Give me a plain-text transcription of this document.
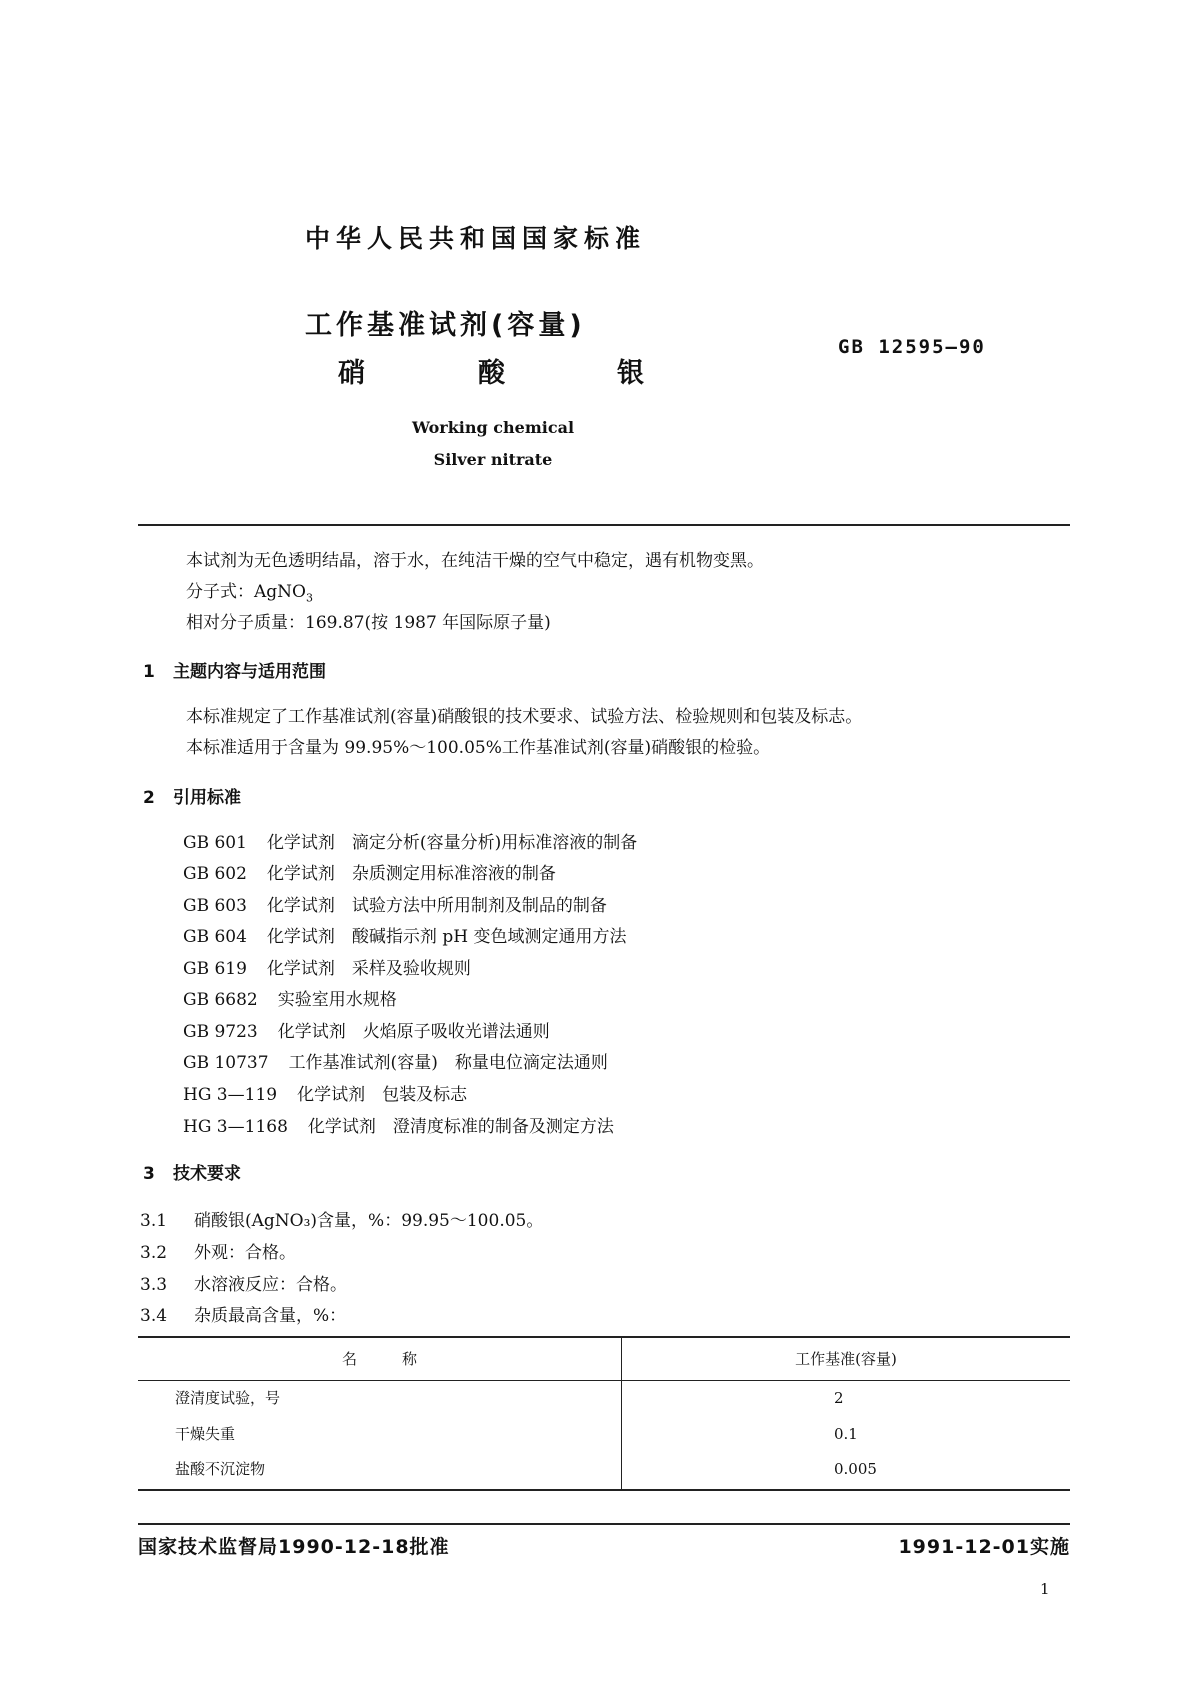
中华人民共和国国家标准
工作基准试剂(容量)
硝	酸	银
GB 12595—90
Working chemical
Silver nitrate
本试剂为无色透明结晶，溶于水，在纯洁干燥的空气中稳定，遇有机物变黑。
分子式：AgNO$_3$
相对分子质量：169.87(按 1987 年国际原子量)
1 主题内容与适用范围
本标准规定了工作基准试剂(容量)硝酸银的技术要求、试验方法、检验规则和包装及标志。
本标准适用于含量为 99.95%～100.05%工作基准试剂(容量)硝酸银的检验。
2 引用标准
GB 601 化学试剂　滴定分析(容量分析)用标准溶液的制备
GB 602 化学试剂　杂质测定用标准溶液的制备
GB 603 化学试剂　试验方法中所用制剂及制品的制备
GB 604 化学试剂　酸碱指示剂 pH 变色域测定通用方法
GB 619 化学试剂　采样及验收规则
GB 6682 实验室用水规格
GB 9723 化学试剂　火焰原子吸收光谱法通则
GB 10737 工作基准试剂(容量)　称量电位滴定法通则
HG 3—119 化学试剂　包装及标志
HG 3—1168 化学试剂　澄清度标准的制备及测定方法
3 技术要求
3.1 硝酸银(AgNO₃)含量，%：99.95～100.05。
3.2 外观：合格。
3.3 水溶液反应：合格。
3.4 杂质最高含量，%：
名　　　称	工作基准(容量)
澄清度试验，号	2
干燥失重	0.1
盐酸不沉淀物	0.005
国家技术监督局1990-12-18批准	1991-12-01实施
1
